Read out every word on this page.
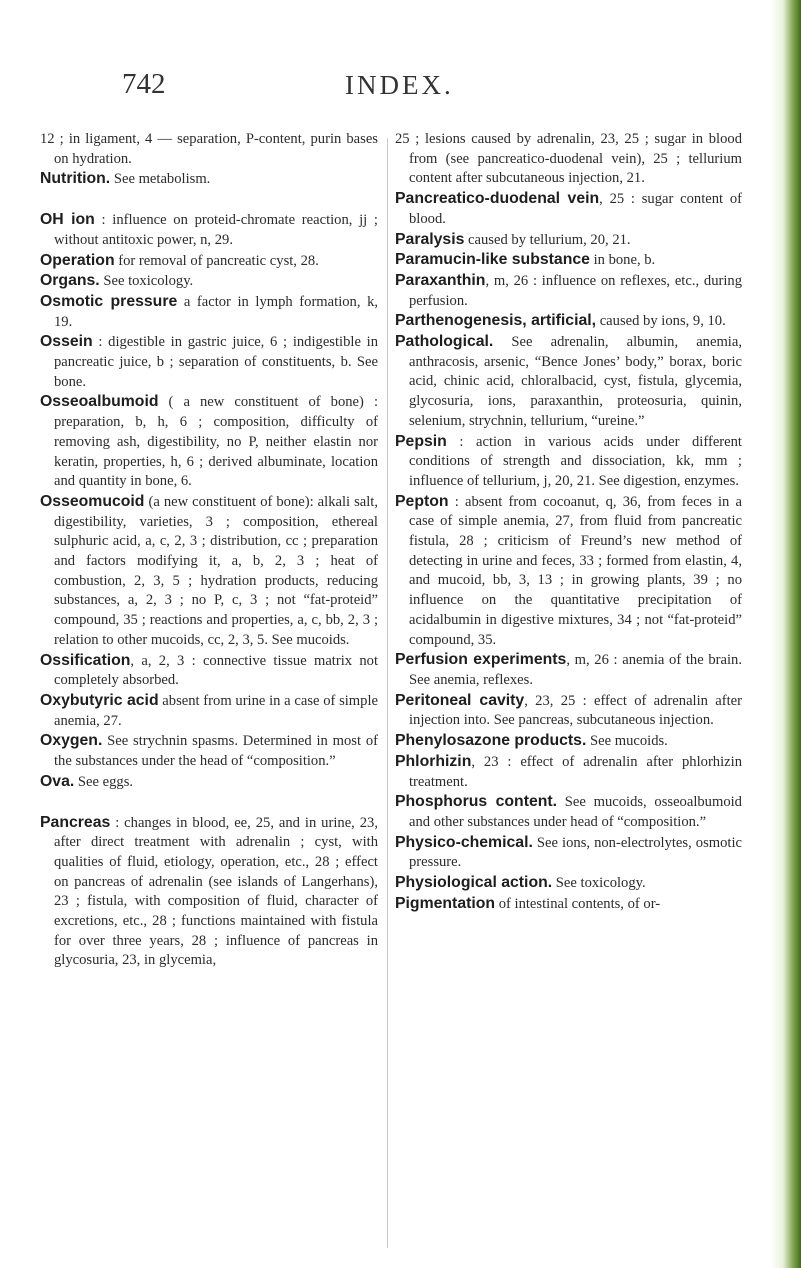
742	INDEX.

12 ; in ligament, 4 — separation, P-content, purin bases on hydration.

Nutrition. See metabolism.

OH ion : influence on proteid-chromate reaction, jj ; without antitoxic power, n, 29.

Operation for removal of pancreatic cyst, 28.

Organs. See toxicology.

Osmotic pressure a factor in lymph formation, k, 19.

Ossein : digestible in gastric juice, 6 ; indigestible in pancreatic juice, b ; separation of constituents, b. See bone.

Osseoalbumoid ( a new constituent of bone) : preparation, b, h, 6 ; composition, difficulty of removing ash, digestibility, no P, neither elastin nor keratin, properties, h, 6 ; derived albuminate, location and quantity in bone, 6.

Osseomucoid (a new constituent of bone): alkali salt, digestibility, varieties, 3 ; composition, ethereal sulphuric acid, a, c, 2, 3 ; distribution, cc ; preparation and factors modifying it, a, b, 2, 3 ; heat of combustion, 2, 3, 5 ; hydration products, reducing substances, a, 2, 3 ; no P, c, 3 ; not “fat-proteid” compound, 35 ; reactions and properties, a, c, bb, 2, 3 ; relation to other mucoids, cc, 2, 3, 5. See mucoids.

Ossification, a, 2, 3 : connective tissue matrix not completely absorbed.

Oxybutyric acid absent from urine in a case of simple anemia, 27.

Oxygen. See strychnin spasms. Determined in most of the substances under the head of “composition.”

Ova. See eggs.

Pancreas : changes in blood, ee, 25, and in urine, 23, after direct treatment with adrenalin ; cyst, with qualities of fluid, etiology, operation, etc., 28 ; effect on pancreas of adrenalin (see islands of Langerhans), 23 ; fistula, with composition of fluid, character of excretions, etc., 28 ; functions maintained with fistula for over three years, 28 ; influence of pancreas in glycosuria, 23, in glycemia,

25 ; lesions caused by adrenalin, 23, 25 ; sugar in blood from (see pancreatico-duodenal vein), 25 ; tellurium content after subcutaneous injection, 21.

Pancreatico-duodenal vein, 25 : sugar content of blood.

Paralysis caused by tellurium, 20, 21.

Paramucin-like substance in bone, b.

Paraxanthin, m, 26 : influence on reflexes, etc., during perfusion.

Parthenogenesis, artificial, caused by ions, 9, 10.

Pathological. See adrenalin, albumin, anemia, anthracosis, arsenic, “Bence Jones’ body,” borax, boric acid, chinic acid, chloralbacid, cyst, fistula, glycemia, glycosuria, ions, paraxanthin, proteosuria, quinin, selenium, strychnin, tellurium, “ureine.”

Pepsin : action in various acids under different conditions of strength and dissociation, kk, mm ; influence of tellurium, j, 20, 21. See digestion, enzymes.

Pepton : absent from cocoanut, q, 36, from feces in a case of simple anemia, 27, from fluid from pancreatic fistula, 28 ; criticism of Freund’s new method of detecting in urine and feces, 33 ; formed from elastin, 4, and mucoid, bb, 3, 13 ; in growing plants, 39 ; no influence on the quantitative precipitation of acidalbumin in digestive mixtures, 34 ; not “fat-proteid” compound, 35.

Perfusion experiments, m, 26 : anemia of the brain. See anemia, reflexes.

Peritoneal cavity, 23, 25 : effect of adrenalin after injection into. See pancreas, subcutaneous injection.

Phenylosazone products. See mucoids.

Phlorhizin, 23 : effect of adrenalin after phlorhizin treatment.

Phosphorus content. See mucoids, osseoalbumoid and other substances under head of “composition.”

Physico-chemical. See ions, non-electrolytes, osmotic pressure.

Physiological action. See toxicology.

Pigmentation of intestinal contents, of or-
